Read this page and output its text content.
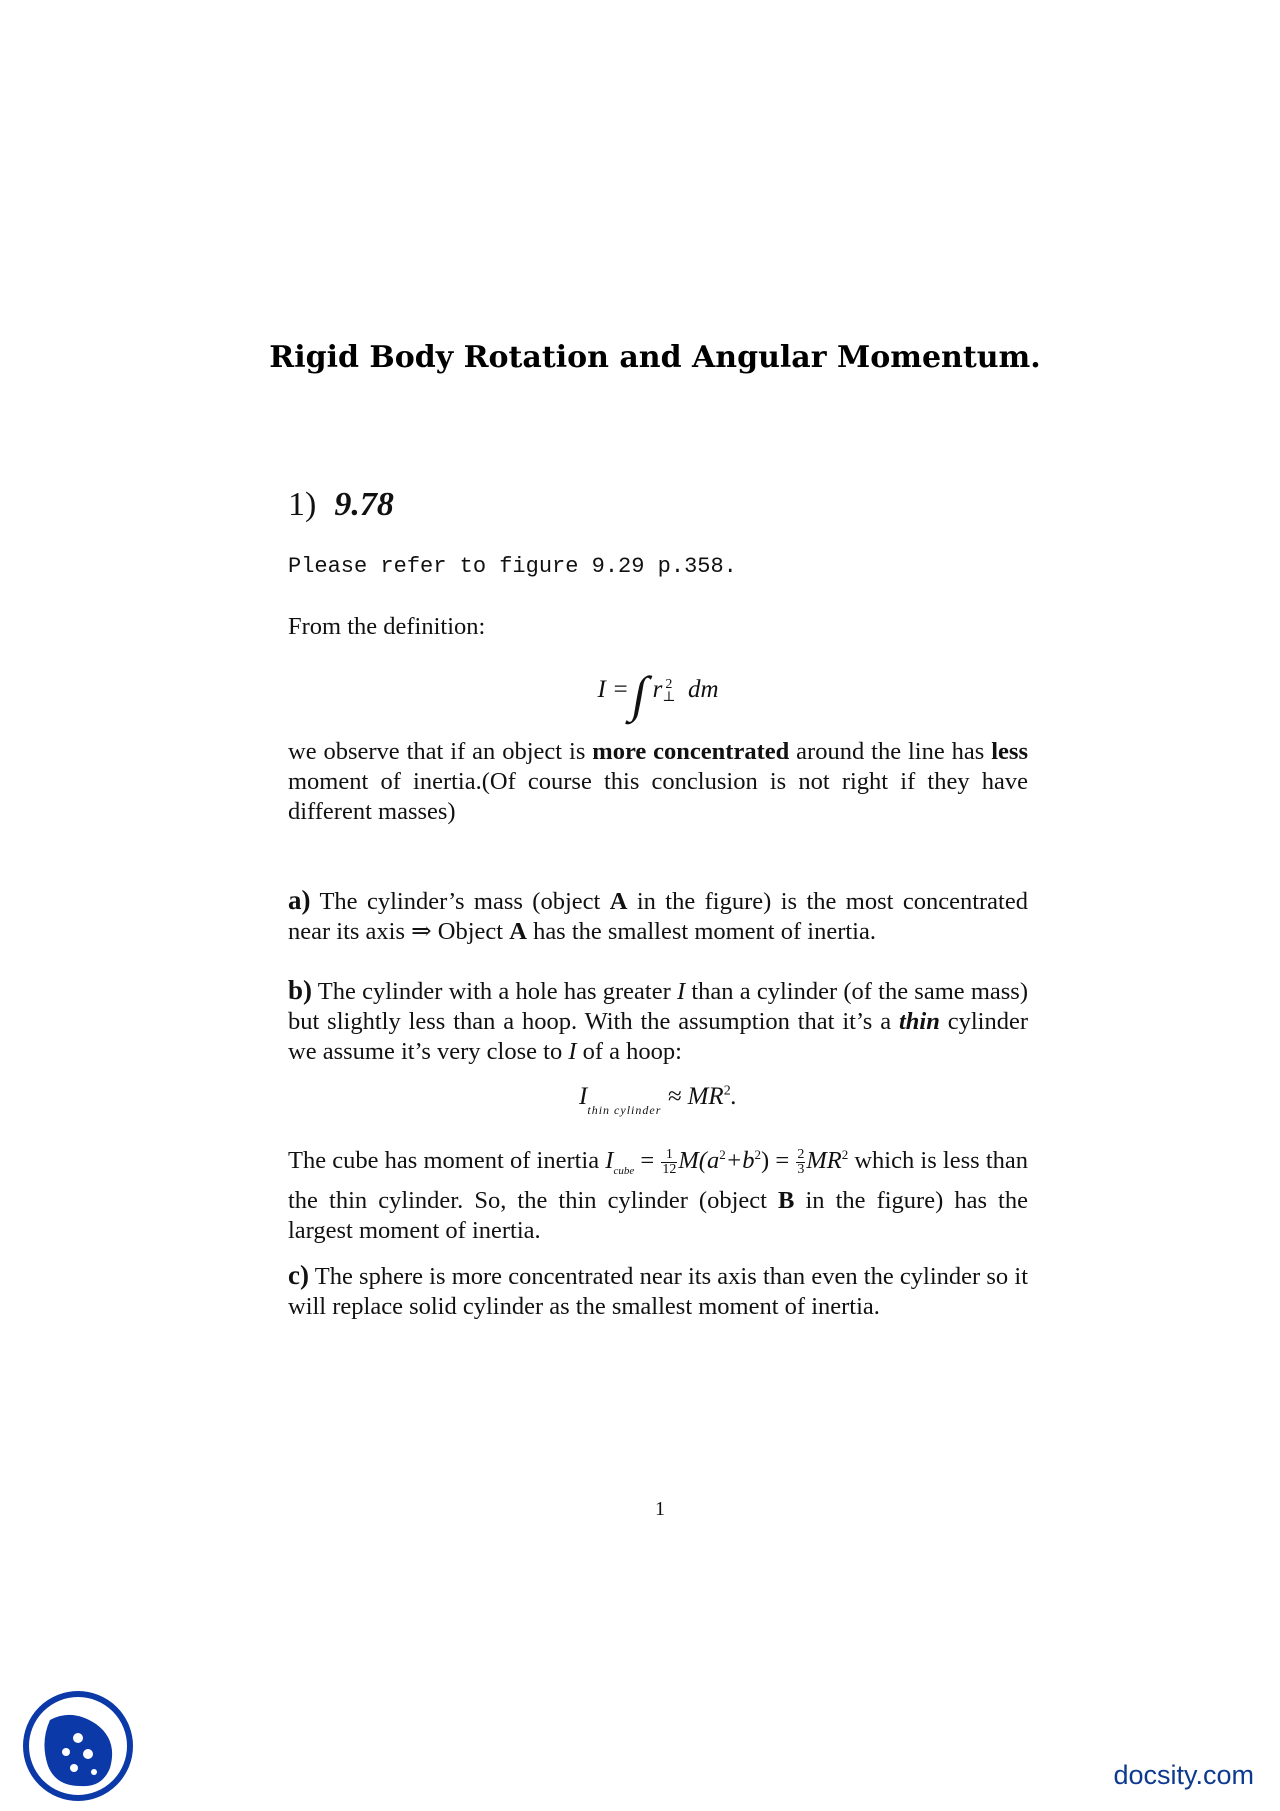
Rigid Body Rotation and Angular Momentum.
1) 9.78
Please refer to figure 9.29 p.358.
From the definition:
I =∫r 2
⊥ dm
we observe that if an object is more concentrated around the line has less moment of inertia.(Of course this conclusion is not right if they have different masses)
a) The cylinder’s mass (object A in the figure) is the most concentrated near its axis ⇒ Object A has the smallest moment of inertia.
b) The cylinder with a hole has greater I than a cylinder (of the same mass) but slightly less than a hoop. With the assumption that it’s a thin cylinder we assume it’s very close to I of a hoop:
$I_{thin cylinder} \approx MR^2$.
The cube has moment of inertia $I_{cube} = \frac{1}{12} M(a^2+b^2) = \frac{2}{3} MR^2$ which is less than the thin cylinder. So, the thin cylinder (object B in the figure) has the largest moment of inertia.
c) The sphere is more concentrated near its axis than even the cylinder so it will replace solid cylinder as the smallest moment of inertia.
1
docsity.com
